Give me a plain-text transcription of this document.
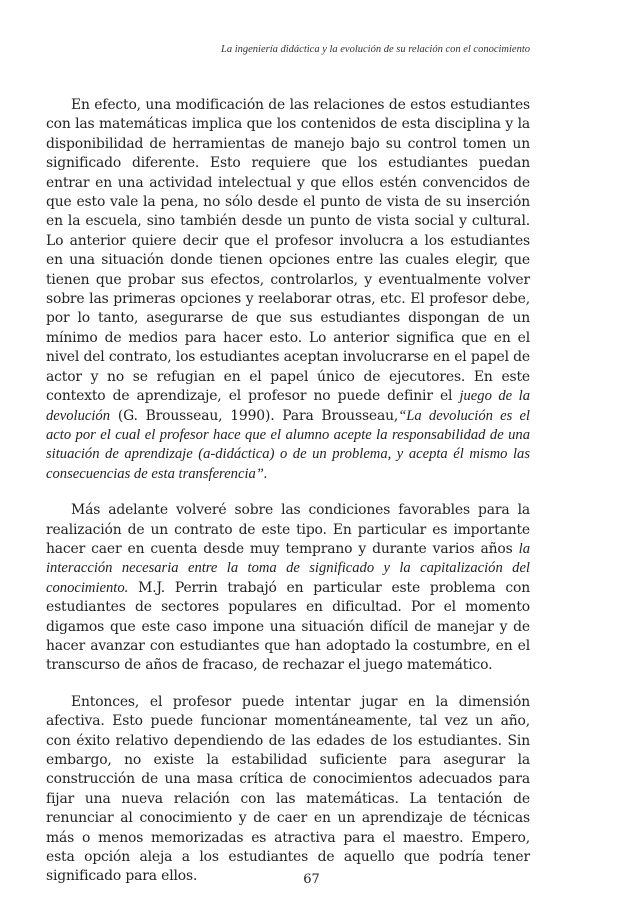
La ingeniería didáctica y la evolución de su relación con el conocimiento

En efecto, una modificación de las relaciones de estos estudiantes con las matemáticas implica que los contenidos de esta disciplina y la disponibilidad de herramientas de manejo bajo su control tomen un significado diferente. Esto requiere que los estudiantes puedan entrar en una actividad intelectual y que ellos estén convencidos de que esto vale la pena, no sólo desde el punto de vista de su inserción en la escuela, sino también desde un punto de vista social y cultural. Lo anterior quiere decir que el profesor involucra a los estudiantes en una situación donde tienen opciones entre las cuales elegir, que tienen que probar sus efectos, controlarlos, y eventualmente volver sobre las primeras opciones y reelaborar otras, etc. El profesor debe, por lo tanto, asegurarse de que sus estudiantes dispongan de un mínimo de medios para hacer esto. Lo anterior significa que en el nivel del contrato, los estudiantes aceptan involucrarse en el papel de actor y no se refugian en el papel único de ejecutores. En este contexto de aprendizaje, el profesor no puede definir el juego de la devolución (G. Brousseau, 1990). Para Brousseau,“La devolución es el acto por el cual el profesor hace que el alumno acepte la responsabilidad de una situación de aprendizaje (a-didáctica) o de un problema, y acepta él mismo las consecuencias de esta transferencia”.

Más adelante volveré sobre las condiciones favorables para la realización de un contrato de este tipo. En particular es importante hacer caer en cuenta desde muy temprano y durante varios años la interacción necesaria entre la toma de significado y la capitalización del conocimiento. M.J. Perrin trabajó en particular este problema con estudiantes de sectores populares en dificultad. Por el momento digamos que este caso impone una situación difícil de manejar y de hacer avanzar con estudiantes que han adoptado la costumbre, en el transcurso de años de fracaso, de rechazar el juego matemático.

Entonces, el profesor puede intentar jugar en la dimensión afectiva. Esto puede funcionar momentáneamente, tal vez un año, con éxito relativo dependiendo de las edades de los estudiantes. Sin embargo, no existe la estabilidad suficiente para asegurar la construcción de una masa crítica de conocimientos adecuados para fijar una nueva relación con las matemáticas. La tentación de renunciar al conocimiento y de caer en un aprendizaje de técnicas más o menos memorizadas es atractiva para el maestro. Empero, esta opción aleja a los estudiantes de aquello que podría tener significado para ellos.	67
